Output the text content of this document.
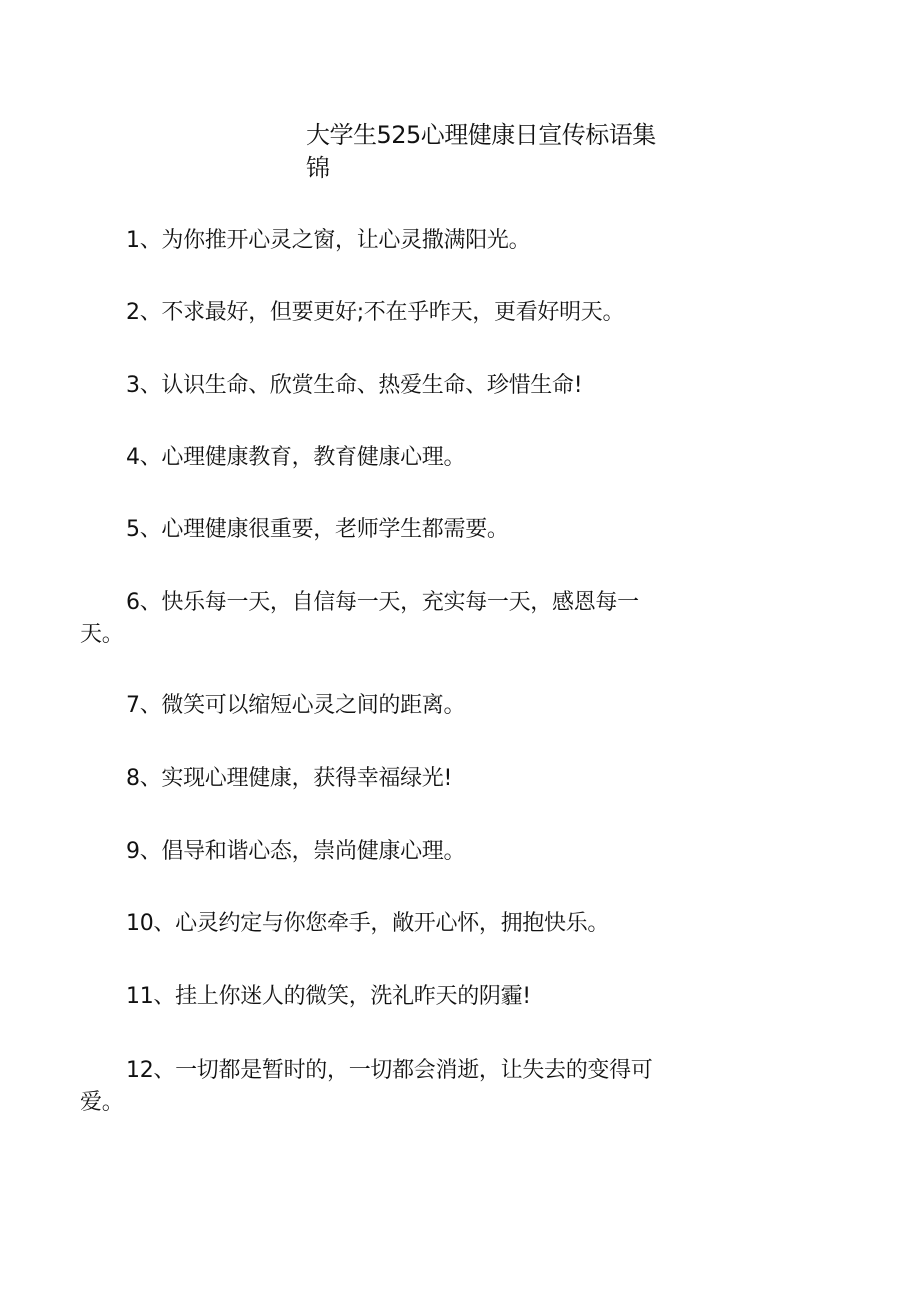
大学生525心理健康日宣传标语集锦

1、为你推开心灵之窗，让心灵撒满阳光。

2、不求最好，但要更好;不在乎昨天，更看好明天。

3、认识生命、欣赏生命、热爱生命、珍惜生命!

4、心理健康教育，教育健康心理。

5、心理健康很重要，老师学生都需要。

6、快乐每一天，自信每一天，充实每一天，感恩每一天。

7、微笑可以缩短心灵之间的距离。

8、实现心理健康，获得幸福绿光!

9、倡导和谐心态，崇尚健康心理。

10、心灵约定与你您牵手，敞开心怀，拥抱快乐。

11、挂上你迷人的微笑，洗礼昨天的阴霾!

12、一切都是暂时的，一切都会消逝，让失去的变得可爱。
